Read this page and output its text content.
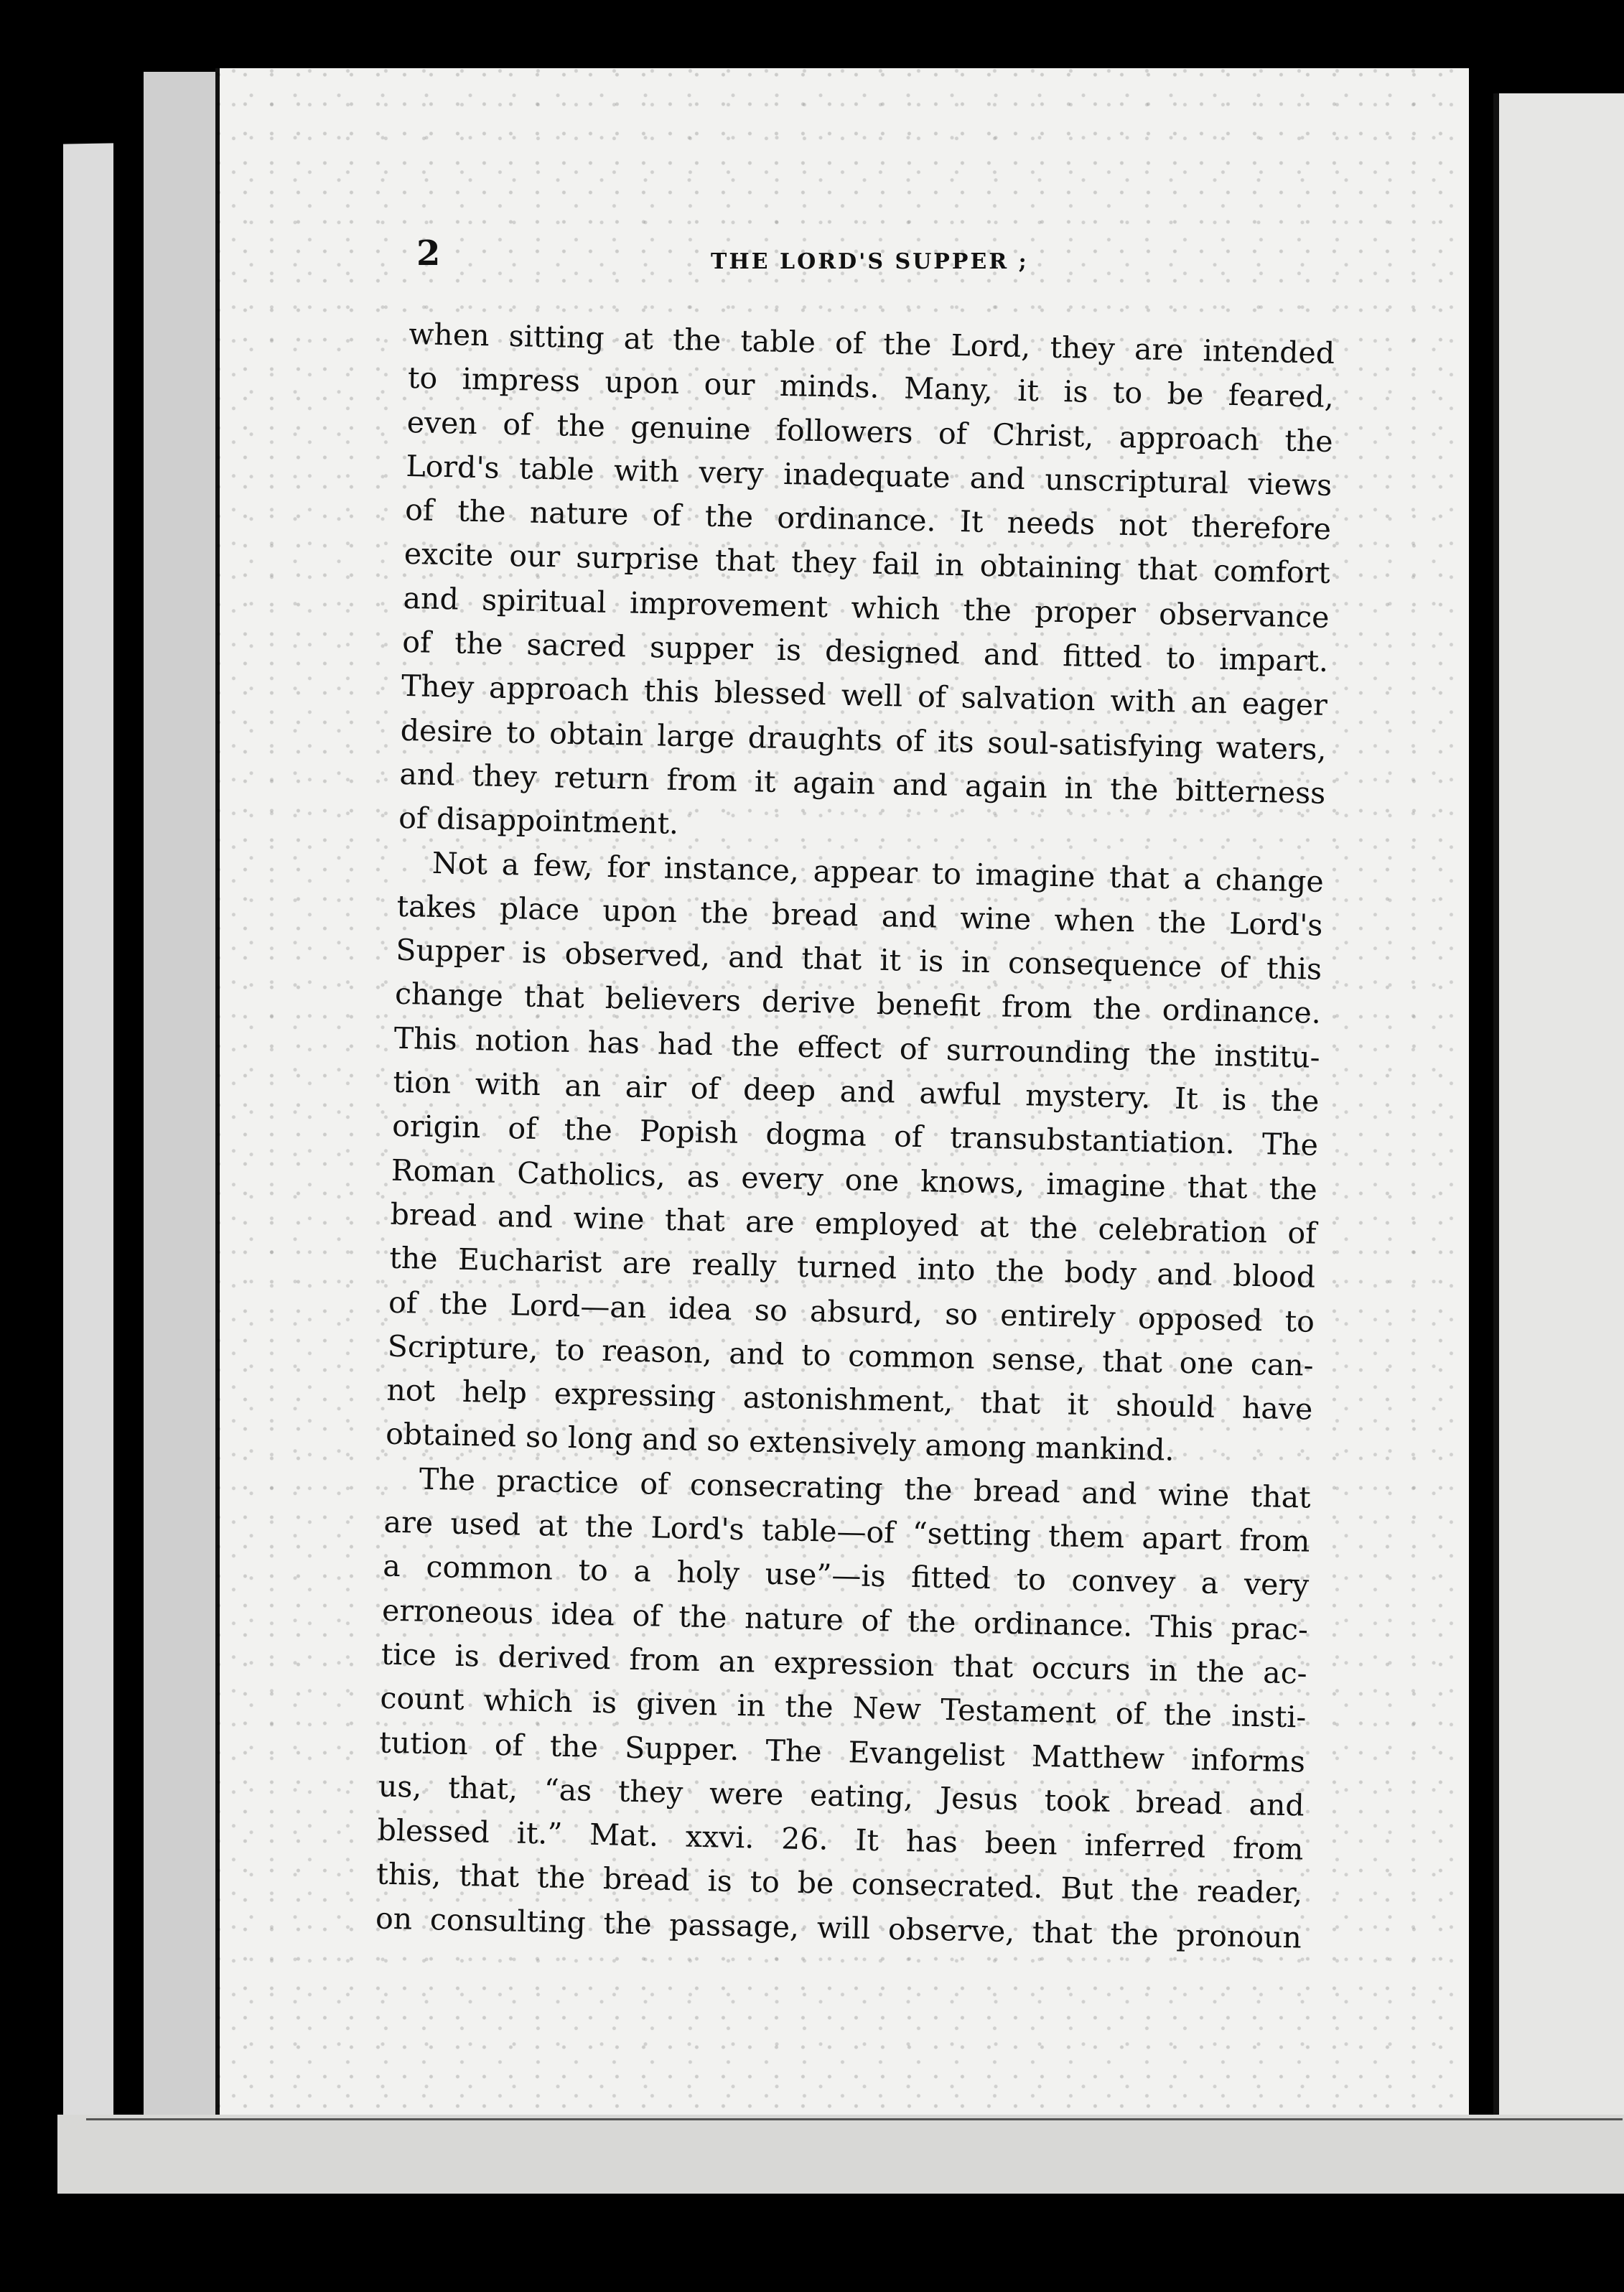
2	THE LORD'S SUPPER ;
when sitting at the table of the Lord, they are intended
to impress upon our minds. Many, it is to be feared,
even of the genuine followers of Christ, approach the
Lord's table with very inadequate and unscriptural views
of the nature of the ordinance. It needs not therefore
excite our surprise that they fail in obtaining that comfort
and spiritual improvement which the proper observance
of the sacred supper is designed and fitted to impart.
They approach this blessed well of salvation with an eager
desire to obtain large draughts of its soul-satisfying waters,
and they return from it again and again in the bitterness
of disappointment.
Not a few, for instance, appear to imagine that a change
takes place upon the bread and wine when the Lord's
Supper is observed, and that it is in consequence of this
change that believers derive benefit from the ordinance.
This notion has had the effect of surrounding the institu-
tion with an air of deep and awful mystery. It is the
origin of the Popish dogma of transubstantiation. The
Roman Catholics, as every one knows, imagine that the
bread and wine that are employed at the celebration of
the Eucharist are really turned into the body and blood
of the Lord—an idea so absurd, so entirely opposed to
Scripture, to reason, and to common sense, that one can-
not help expressing astonishment, that it should have
obtained so long and so extensively among mankind.
The practice of consecrating the bread and wine that
are used at the Lord's table—of “setting them apart from
a common to a holy use”—is fitted to convey a very
erroneous idea of the nature of the ordinance. This prac-
tice is derived from an expression that occurs in the ac-
count which is given in the New Testament of the insti-
tution of the Supper. The Evangelist Matthew informs
us, that, “as they were eating, Jesus took bread and
blessed it.” Mat. xxvi. 26. It has been inferred from
this, that the bread is to be consecrated. But the reader,
on consulting the passage, will observe, that the pronoun
